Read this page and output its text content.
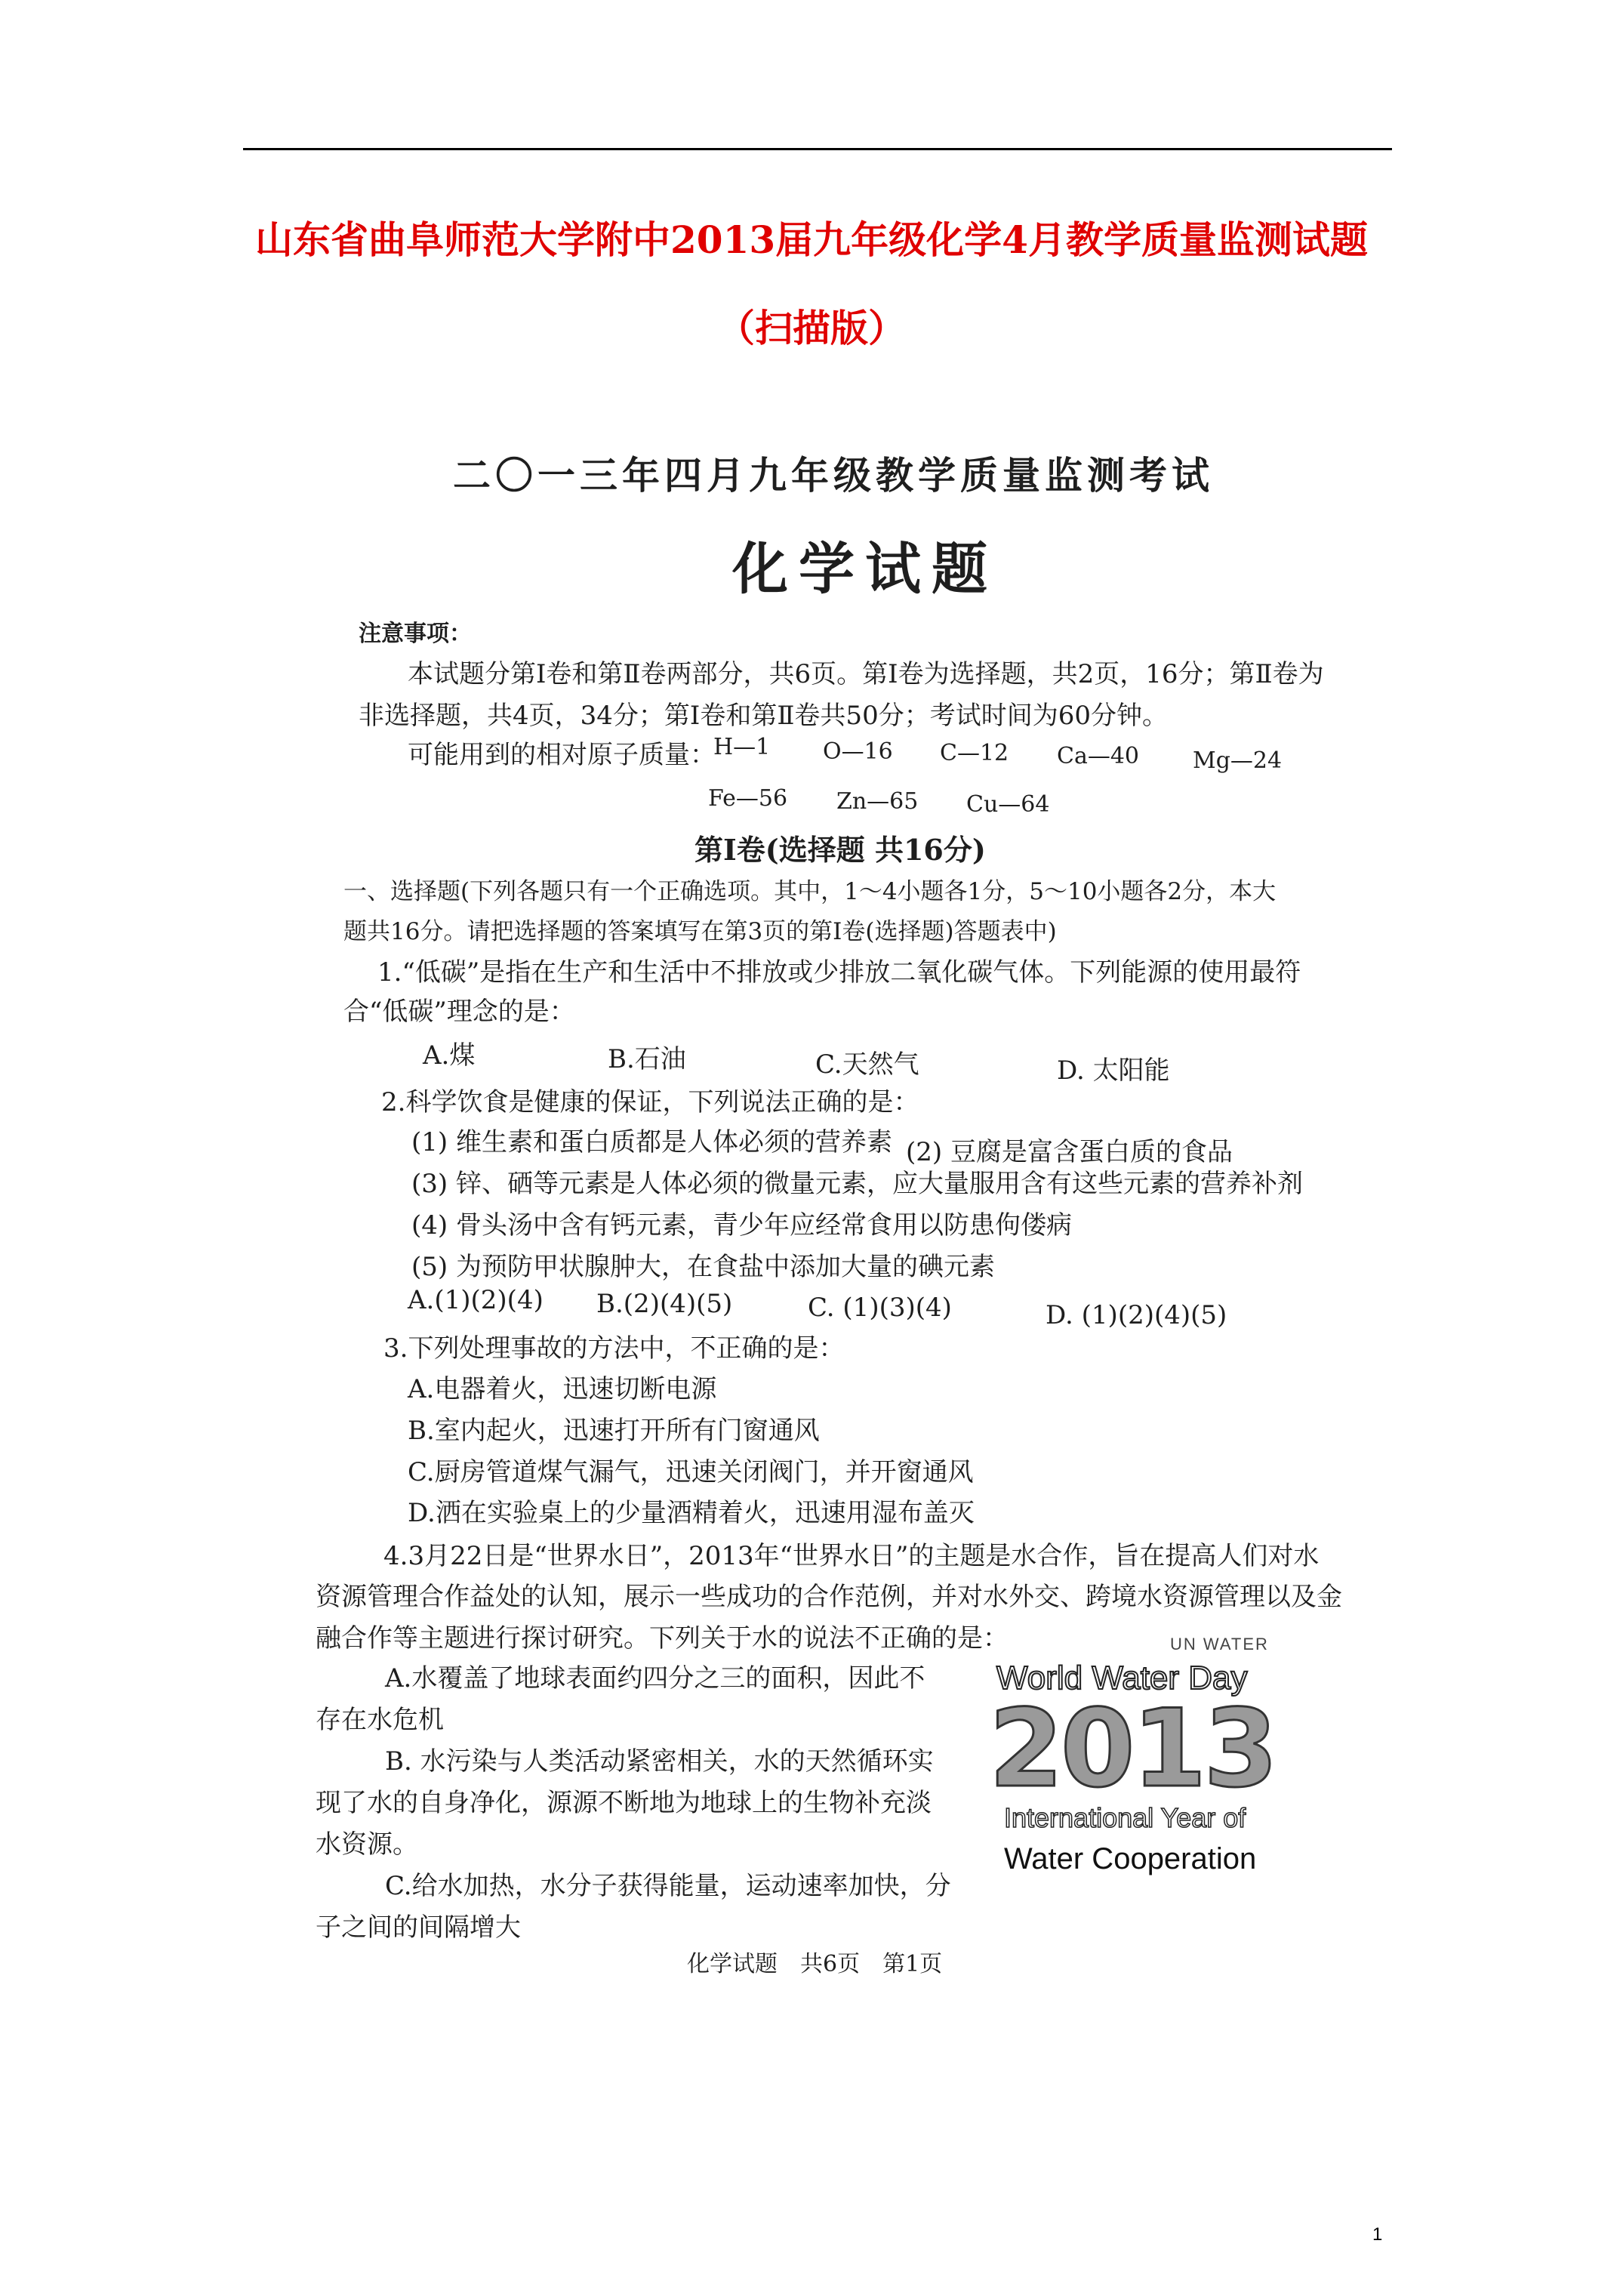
山东省曲阜师范大学附中2013届九年级化学4月教学质量监测试题
（扫描版）
二〇一三年四月九年级教学质量监测考试
化学试题
注意事项：
本试题分第Ⅰ卷和第Ⅱ卷两部分，共6页。第Ⅰ卷为选择题，共2页，16分；第Ⅱ卷为
非选择题，共4页，34分；第Ⅰ卷和第Ⅱ卷共50分；考试时间为60分钟。
可能用到的相对原子质量：
H—1 O—16 C—12 Ca—40 Mg—24
Fe—56 Zn—65 Cu—64
第Ⅰ卷(选择题 共16分)
一、选择题(下列各题只有一个正确选项。其中，1～4小题各1分，5～10小题各2分，本大
题共16分。请把选择题的答案填写在第3页的第Ⅰ卷(选择题)答题表中)
1.“低碳”是指在生产和生活中不排放或少排放二氧化碳气体。下列能源的使用最符
合“低碳”理念的是：
A.煤	B.石油	C.天然气	D. 太阳能
2.科学饮食是健康的保证，下列说法正确的是：
(1) 维生素和蛋白质都是人体必须的营养素 (2) 豆腐是富含蛋白质的食品
(3) 锌、硒等元素是人体必须的微量元素，应大量服用含有这些元素的营养补剂
(4) 骨头汤中含有钙元素，青少年应经常食用以防患佝偻病
(5) 为预防甲状腺肿大，在食盐中添加大量的碘元素
A.(1)(2)(4) B.(2)(4)(5)	C. (1)(3)(4)	D. (1)(2)(4)(5)
3.下列处理事故的方法中，不正确的是：
A.电器着火，迅速切断电源
B.室内起火，迅速打开所有门窗通风
C.厨房管道煤气漏气，迅速关闭阀门，并开窗通风
D.洒在实验桌上的少量酒精着火，迅速用湿布盖灭
4.3月22日是“世界水日”，2013年“世界水日”的主题是水合作，旨在提高人们对水
资源管理合作益处的认知，展示一些成功的合作范例，并对水外交、跨境水资源管理以及金
融合作等主题进行探讨研究。下列关于水的说法不正确的是：
A.水覆盖了地球表面约四分之三的面积，因此不
存在水危机
B. 水污染与人类活动紧密相关，水的天然循环实
现了水的自身净化，源源不断地为地球上的生物补充淡
水资源。
C.给水加热，水分子获得能量，运动速率加快，分
子之间的间隔增大
UN WATER
World Water Day
2013
International Year of
Water Cooperation
化学试题　共6页　第1页
1
